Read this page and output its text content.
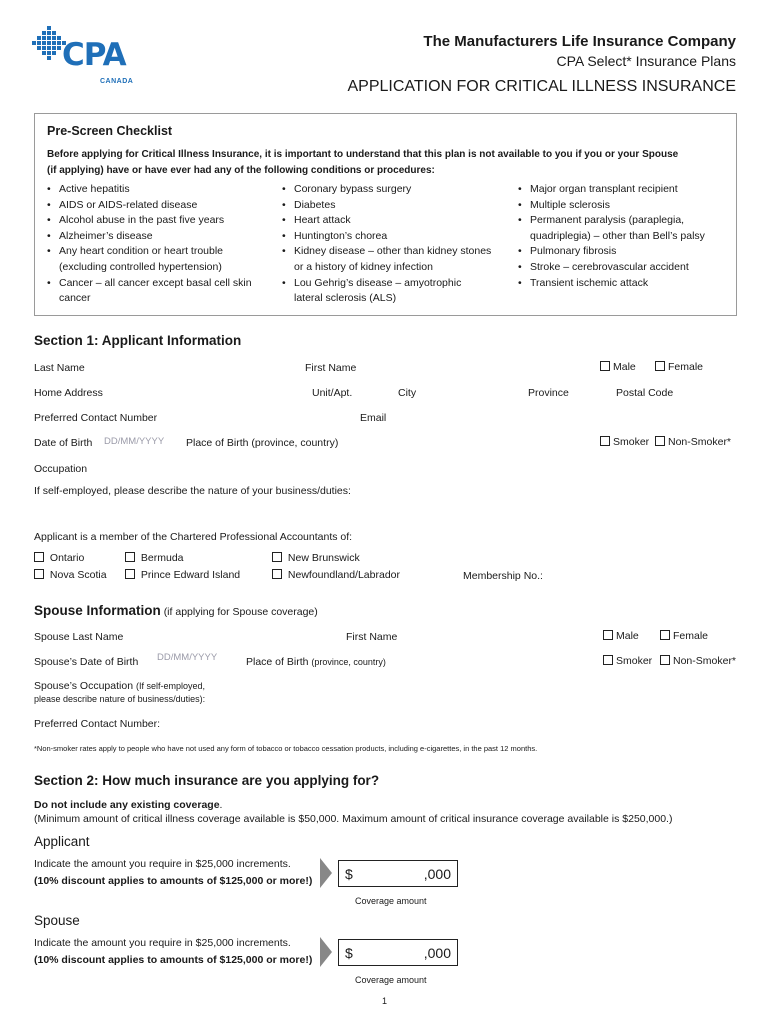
CPA
CANADA
The Manufacturers Life Insurance Company
CPA Select* Insurance Plans
APPLICATION FOR CRITICAL ILLNESS INSURANCE
Pre-Screen Checklist
Before applying for Critical Illness Insurance, it is important to understand that this plan is not available to you if you or your Spouse
(if applying) have or have ever had any of the following conditions or procedures:
• Active hepatitis
• AIDS or AIDS-related disease
• Alcohol abuse in the past five years
• Alzheimer’s disease
• Any heart condition or heart trouble
(excluding controlled hypertension)
• Cancer – all cancer except basal cell skin
cancer
• Coronary bypass surgery
• Diabetes
• Heart attack
• Huntington’s chorea
• Kidney disease – other than kidney stones
or a history of kidney infection
• Lou Gehrig’s disease – amyotrophic
lateral sclerosis (ALS)
• Major organ transplant recipient
• Multiple sclerosis
• Permanent paralysis (paraplegia,
quadriplegia) – other than Bell’s palsy
• Pulmonary fibrosis
• Stroke – cerebrovascular accident
• Transient ischemic attack
Section 1: Applicant Information
Last Name	First Name	Male	Female
Home Address	Unit/Apt.	City	Province	Postal Code
Preferred Contact Number	Email
Date of Birth DD/MM/YYYY Place of Birth (province, country)	Smoker	Non-Smoker*
Occupation
If self-employed, please describe the nature of your business/duties:
Applicant is a member of the Chartered Professional Accountants of:
Ontario	Bermuda	New Brunswick
Nova Scotia	Prince Edward Island	Newfoundland/Labrador	Membership No.:
Spouse Information (if applying for Spouse coverage)
Spouse Last Name	First Name	Male	Female
Spouse’s Date of Birth DD/MM/YYYY	Place of Birth (province, country)	Smoker	Non-Smoker*
Spouse’s Occupation (If self-employed,
please describe nature of business/duties):
Preferred Contact Number:
*Non-smoker rates apply to people who have not used any form of tobacco or tobacco cessation products, including e-cigarettes, in the past 12 months.
Section 2: How much insurance are you applying for?
Do not include any existing coverage.
(Minimum amount of critical illness coverage available is $50,000. Maximum amount of critical insurance coverage available is $250,000.)
Applicant
Indicate the amount you require in $25,000 increments.
(10% discount applies to amounts of $125,000 or more!) $	,000
Coverage amount
Spouse
Indicate the amount you require in $25,000 increments.
(10% discount applies to amounts of $125,000 or more!) $	,000
Coverage amount
1
